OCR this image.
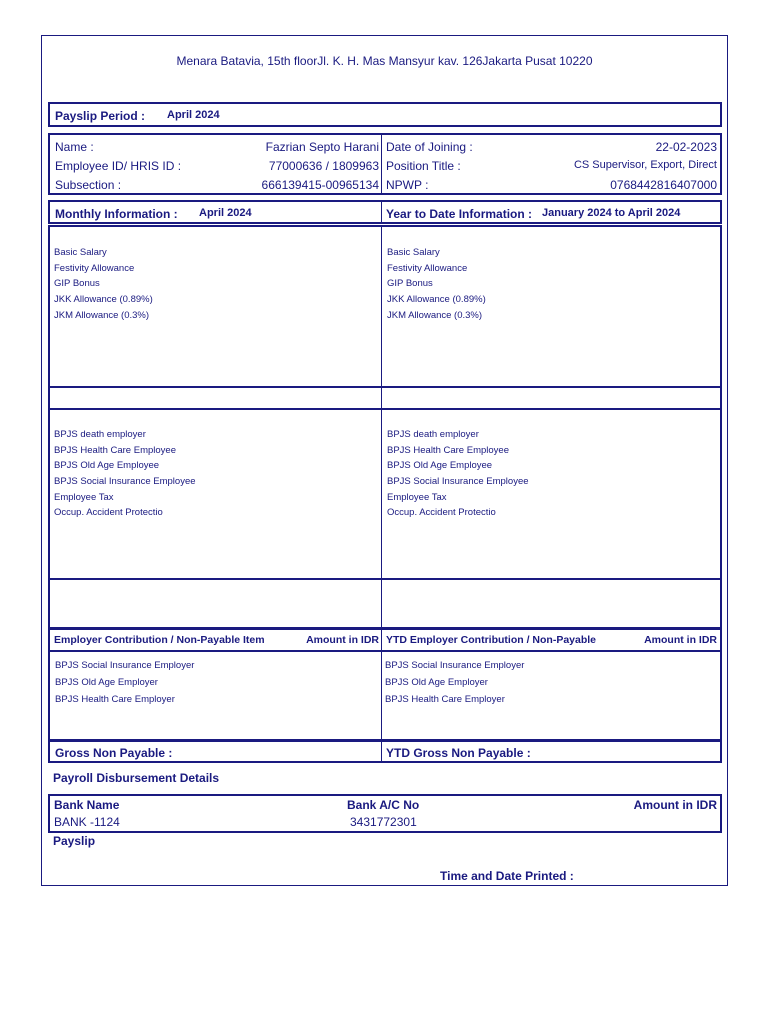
Menara Batavia, 15th floorJl. K. H. Mas Mansyur kav. 126Jakarta Pusat 10220
Payslip Period : April 2024
Name :	Fazrian Septo Harani
Employee ID/ HRIS ID :	77000636 / 1809963
Subsection :	666139415-00965134
Date of Joining :	22-02-2023
Position Title :	CS Supervisor, Export, Direct
NPWP :	0768442816407000
Monthly Information : April 2024	Year to Date Information : January 2024 to April 2024
Basic Salary
Festivity Allowance
GIP Bonus
JKK Allowance (0.89%)
JKM Allowance (0.3%)
Basic Salary
Festivity Allowance
GIP Bonus
JKK Allowance (0.89%)
JKM Allowance (0.3%)
BPJS death employer
BPJS Health Care Employee
BPJS Old Age Employee
BPJS Social Insurance Employee
Employee Tax
Occup. Accident Protectio
BPJS death employer
BPJS Health Care Employee
BPJS Old Age Employee
BPJS Social Insurance Employee
Employee Tax
Occup. Accident Protectio
Employer Contribution / Non-Payable Item	Amount in IDR YTD Employer Contribution / Non-Payable	Amount in IDR
BPJS Social Insurance Employer
BPJS Old Age Employer
BPJS Health Care Employer
BPJS Social Insurance Employer
BPJS Old Age Employer
BPJS Health Care Employer
Gross Non Payable :	YTD Gross Non Payable :
Payroll Disbursement Details
Bank Name	Bank A/C No	Amount in IDR
BANK -1124	3431772301
Payslip
Time and Date Printed :
